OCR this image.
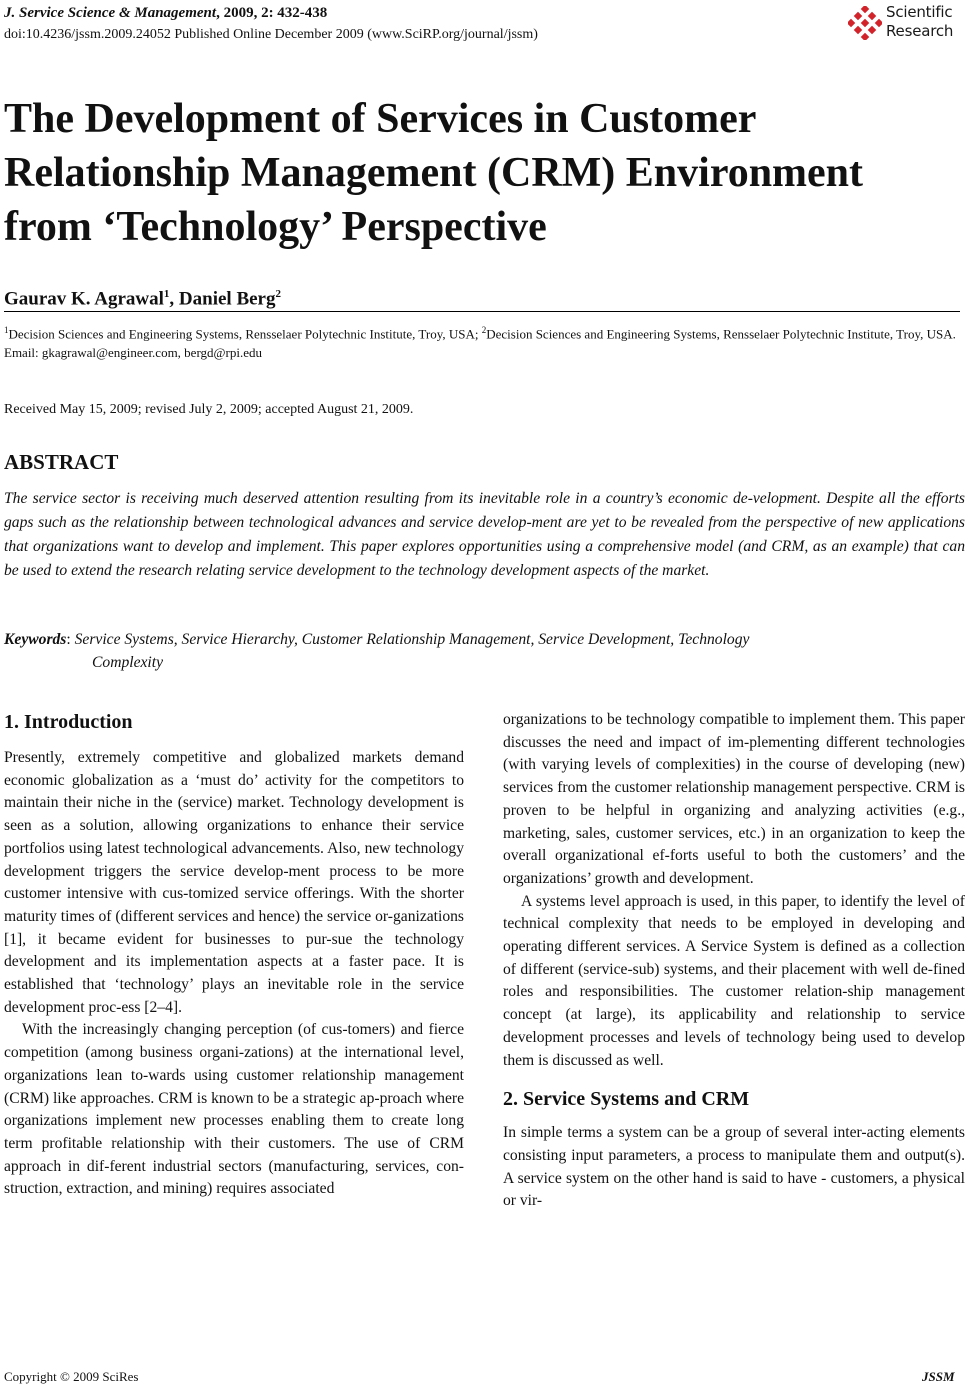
J. Service Science & Management, 2009, 2: 432-438
doi:10.4236/jssm.2009.24052 Published Online December 2009 (www.SciRP.org/journal/jssm)
Scientific
Research
The Development of Services in Customer Relationship Management (CRM) Environment from ‘Technology’ Perspective
Gaurav K. Agrawal$^1$, Daniel Berg$^2$
$^1$Decision Sciences and Engineering Systems, Rensselaer Polytechnic Institute, Troy, USA; $^2$Decision Sciences and Engineering Systems, Rensselaer Polytechnic Institute, Troy, USA.
Email: gkagrawal@engineer.com, bergd@rpi.edu
Received May 15, 2009; revised July 2, 2009; accepted August 21, 2009.
ABSTRACT
The service sector is receiving much deserved attention resulting from its inevitable role in a country’s economic de-velopment. Despite all the efforts gaps such as the relationship between technological advances and service develop-ment are yet to be revealed from the perspective of new applications that organizations want to develop and implement. This paper explores opportunities using a comprehensive model (and CRM, as an example) that can be used to extend the research relating service development to the technology development aspects of the market.
Keywords: Service Systems, Service Hierarchy, Customer Relationship Management, Service Development, Technology
Complexity
1. Introduction

Presently, extremely competitive and globalized markets demand economic globalization as a ‘must do’ activity for the competitors to maintain their niche in the (service) market. Technology development is seen as a solution, allowing organizations to enhance their service portfolios using latest technological advancements. Also, new technology development triggers the service develop-ment process to be more customer intensive with cus-tomized service offerings. With the shorter maturity times of (different services and hence) the service or-ganizations [1], it became evident for businesses to pur-sue the technology development and its implementation aspects at a faster pace. It is established that ‘technology’ plays an inevitable role in the service development proc-ess [2–4].

With the increasingly changing perception (of cus-tomers) and fierce competition (among business organi-zations) at the international level, organizations lean to-wards using customer relationship management (CRM) like approaches. CRM is known to be a strategic ap-proach where organizations implement new processes enabling them to create long term profitable relationship with their customers. The use of CRM approach in dif-ferent industrial sectors (manufacturing, services, con-struction, extraction, and mining) requires associated

organizations to be technology compatible to implement them. This paper discusses the need and impact of im-plementing different technologies (with varying levels of complexities) in the course of developing (new) services from the customer relationship management perspective. CRM is proven to be helpful in organizing and analyzing activities (e.g., marketing, sales, customer services, etc.) in an organization to keep the overall organizational ef-forts useful to both the customers’ and the organizations’ growth and development.

A systems level approach is used, in this paper, to identify the level of technical complexity that needs to be employed in developing and operating different services. A Service System is defined as a collection of different (service-sub) systems, and their placement with well de-fined roles and responsibilities. The customer relation-ship management concept (at large), its applicability and relationship to service development processes and levels of technology being used to develop them is discussed as well.

2. Service Systems and CRM

In simple terms a system can be a group of several inter-acting elements consisting input parameters, a process to manipulate them and output(s). A service system on the other hand is said to have - customers, a physical or vir-

Copyright © 2009 SciRes	JSSM
